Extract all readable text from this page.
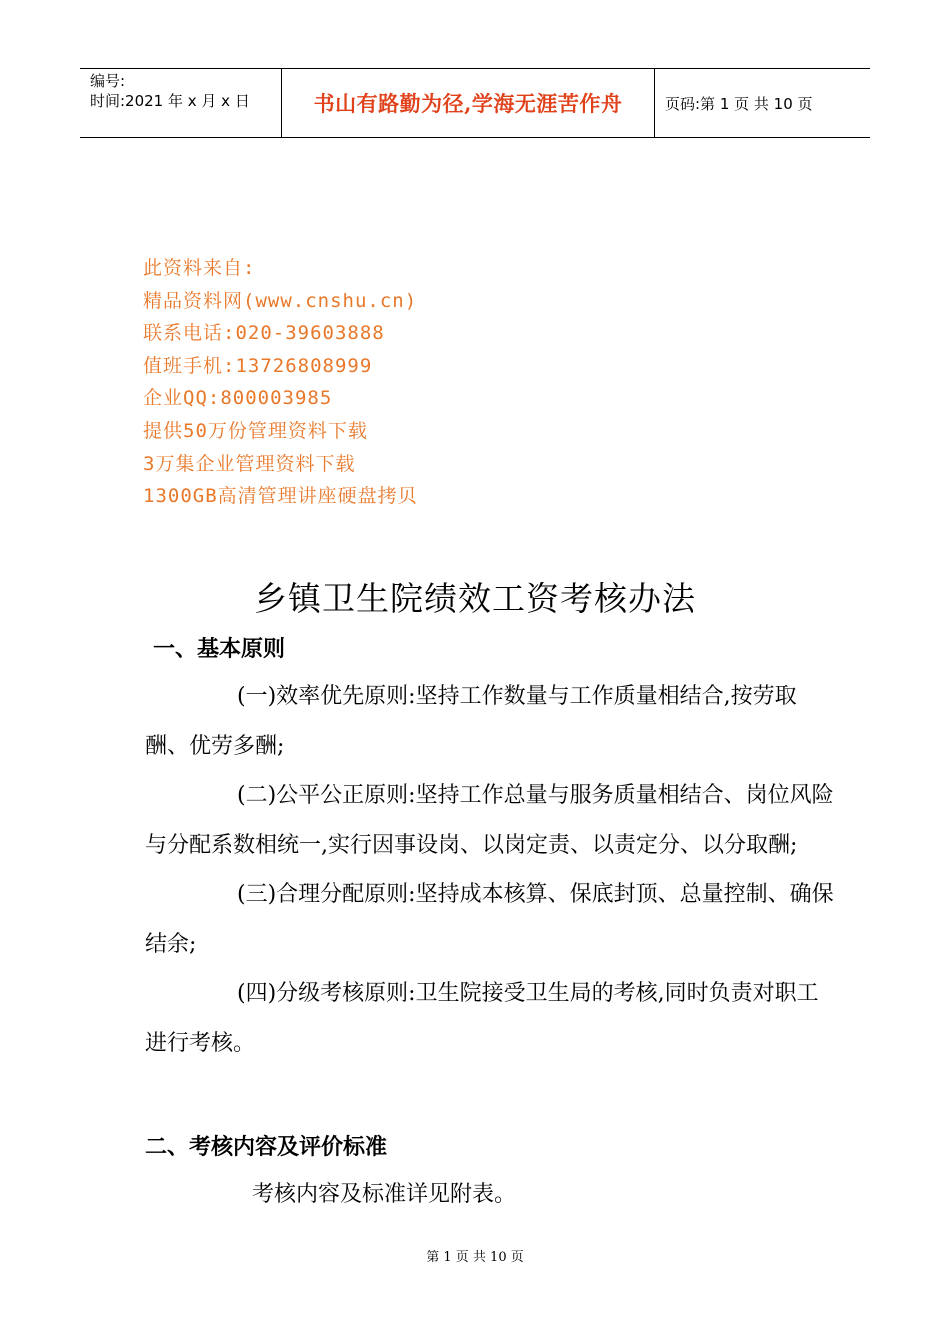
编号:
时间:2021 年 x 月 x 日	书山有路勤为径,学海无涯苦作舟	页码:第 1 页 共 10 页
此资料来自:
精品资料网(www.cnshu.cn)
联系电话:020-39603888
值班手机:13726808999
企业QQ:800003985
提供50万份管理资料下载
3万集企业管理资料下载
1300GB高清管理讲座硬盘拷贝
乡镇卫生院绩效工资考核办法
一、基本原则

(一)效率优先原则:坚持工作数量与工作质量相结合,按劳取酬、优劳多酬;

(二)公平公正原则:坚持工作总量与服务质量相结合、岗位风险与分配系数相统一,实行因事设岗、以岗定责、以责定分、以分取酬;

(三)合理分配原则:坚持成本核算、保底封顶、总量控制、确保结余;

(四)分级考核原则:卫生院接受卫生局的考核,同时负责对职工进行考核。

二、考核内容及评价标准

考核内容及标准详见附表。

第 1 页 共 10 页
